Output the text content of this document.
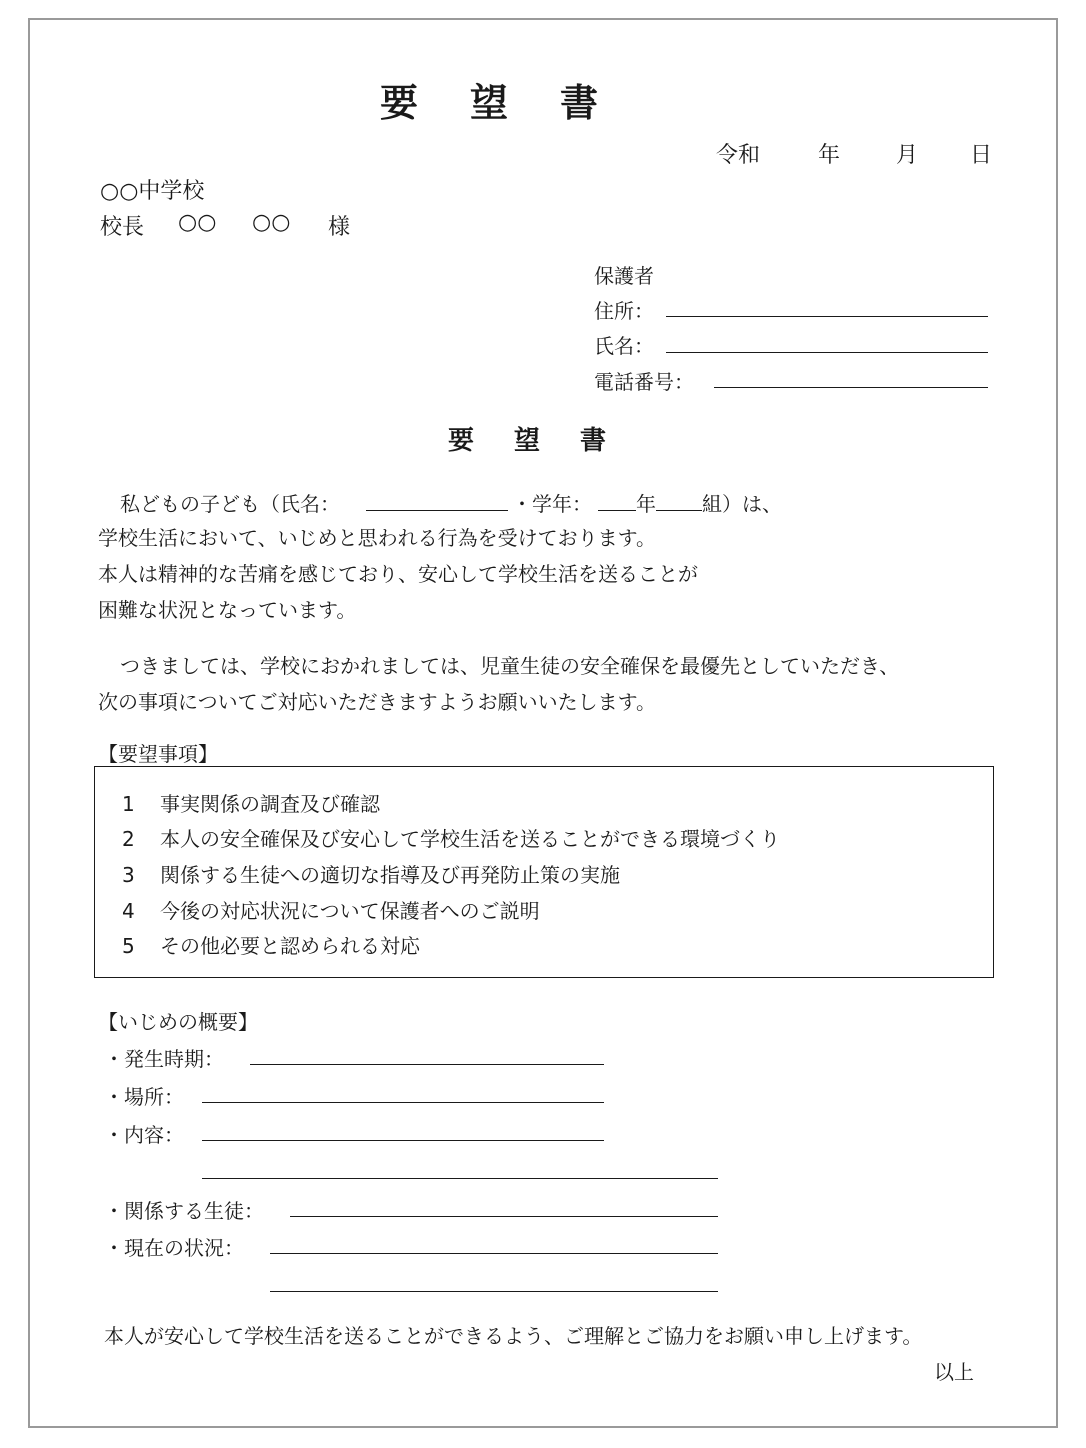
要望書
令和	年	月 日
○○中学校
校長 ○○ ○○ 様
保護者
住所：
氏名：
電話番号：
要望書
私どもの子ども（氏名：	・学年： 年 組）は、
学校生活において、いじめと思われる行為を受けております。
本人は精神的な苦痛を感じており、安心して学校生活を送ることが
困難な状況となっています。
つきましては、学校におかれましては、児童生徒の安全確保を最優先としていただき、
次の事項についてご対応いただきますようお願いいたします。
【要望事項】
1 事実関係の調査及び確認
2 本人の安全確保及び安心して学校生活を送ることができる環境づくり
3 関係する生徒への適切な指導及び再発防止策の実施
4 今後の対応状況について保護者へのご説明
5 その他必要と認められる対応
【いじめの概要】
・発生時期：
・場所：
・内容：
・関係する生徒：
・現在の状況：
本人が安心して学校生活を送ることができるよう、ご理解とご協力をお願い申し上げます。
以上
